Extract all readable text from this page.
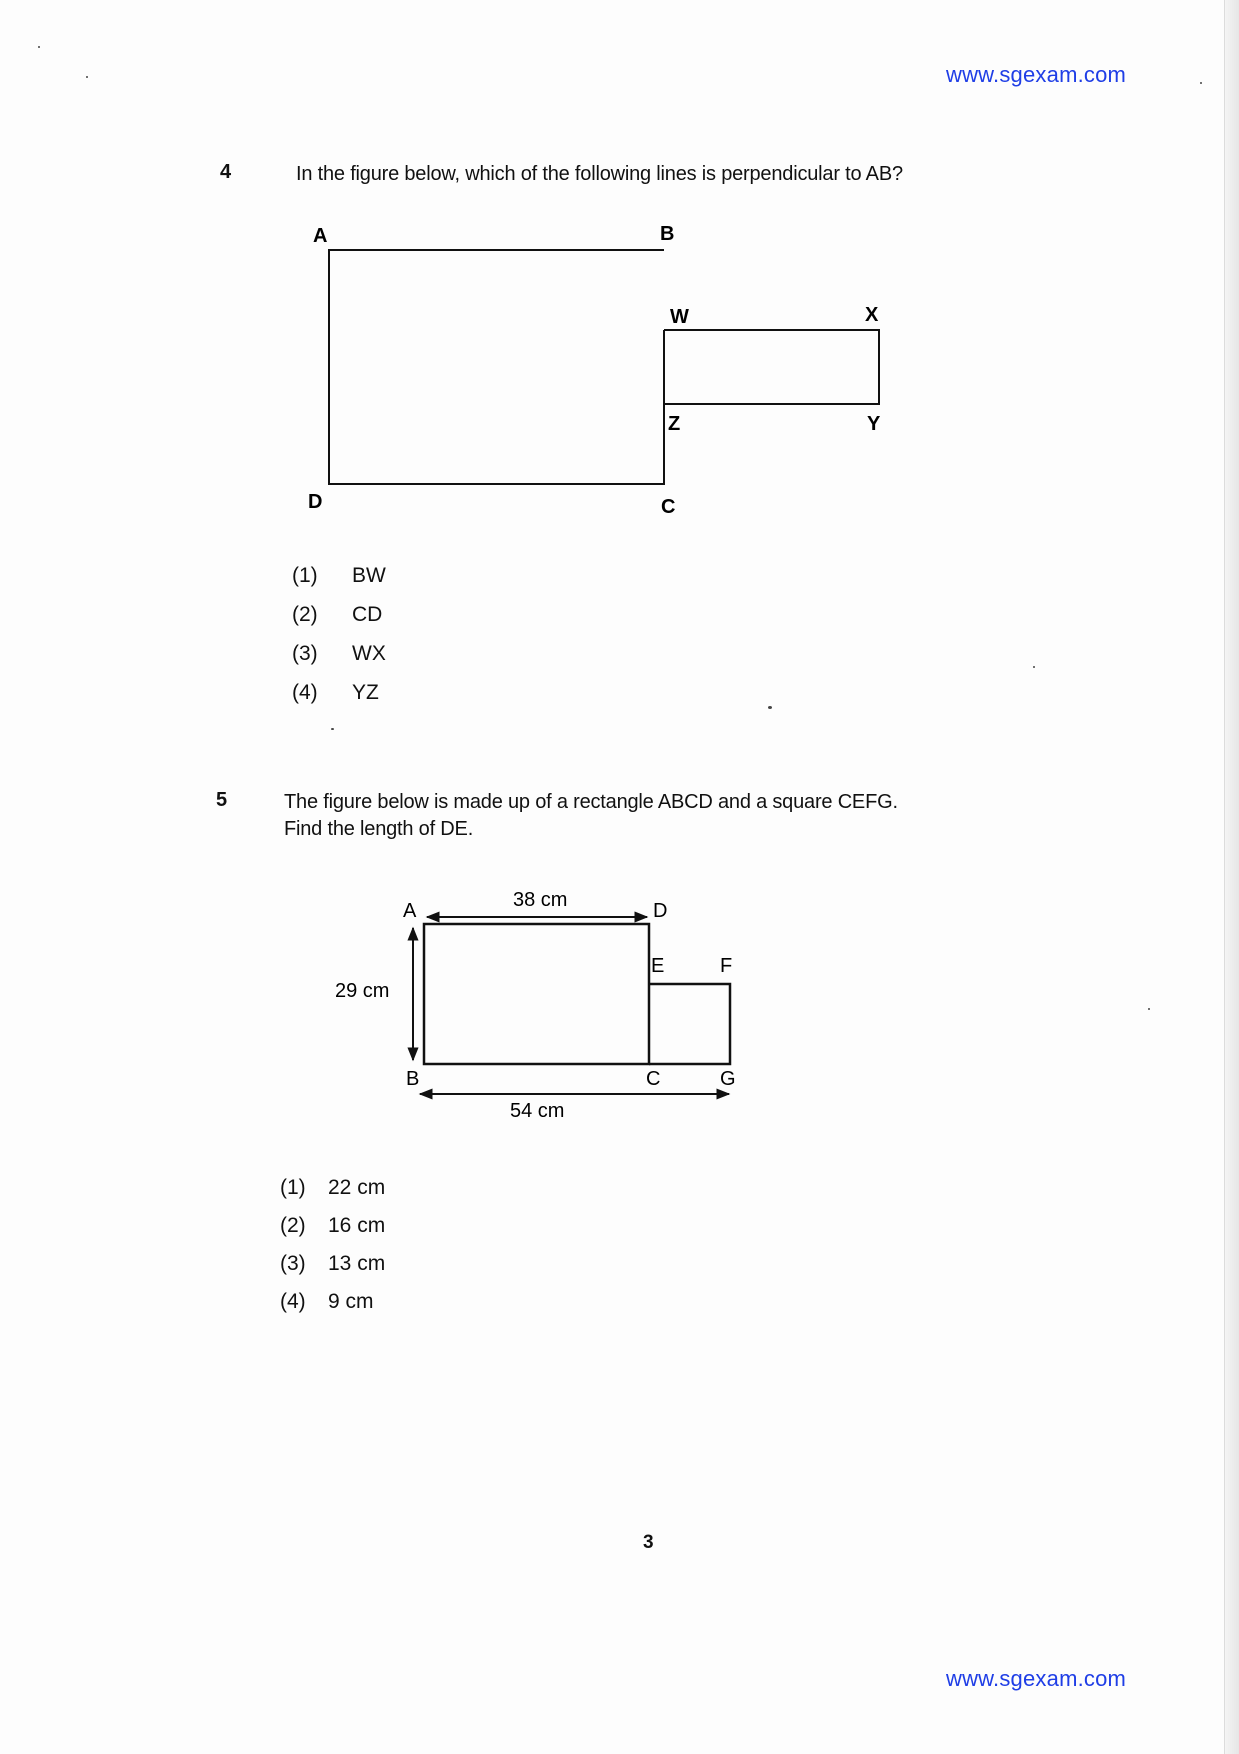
www.sgexam.com
4	In the figure below, which of the following lines is perpendicular to AB?
A	B
W	X
Z	Y
D	C
(1)	BW
(2)	CD
(3)	WX
(4)	YZ
5	The figure below is made up of a rectangle ABCD and a square CEFG.
Find the length of DE.
A	D
E	F
B	C	G
38 cm
29 cm
54 cm
(1)	22 cm
(2)	16 cm
(3)	13 cm
(4)	9 cm
3
www.sgexam.com
